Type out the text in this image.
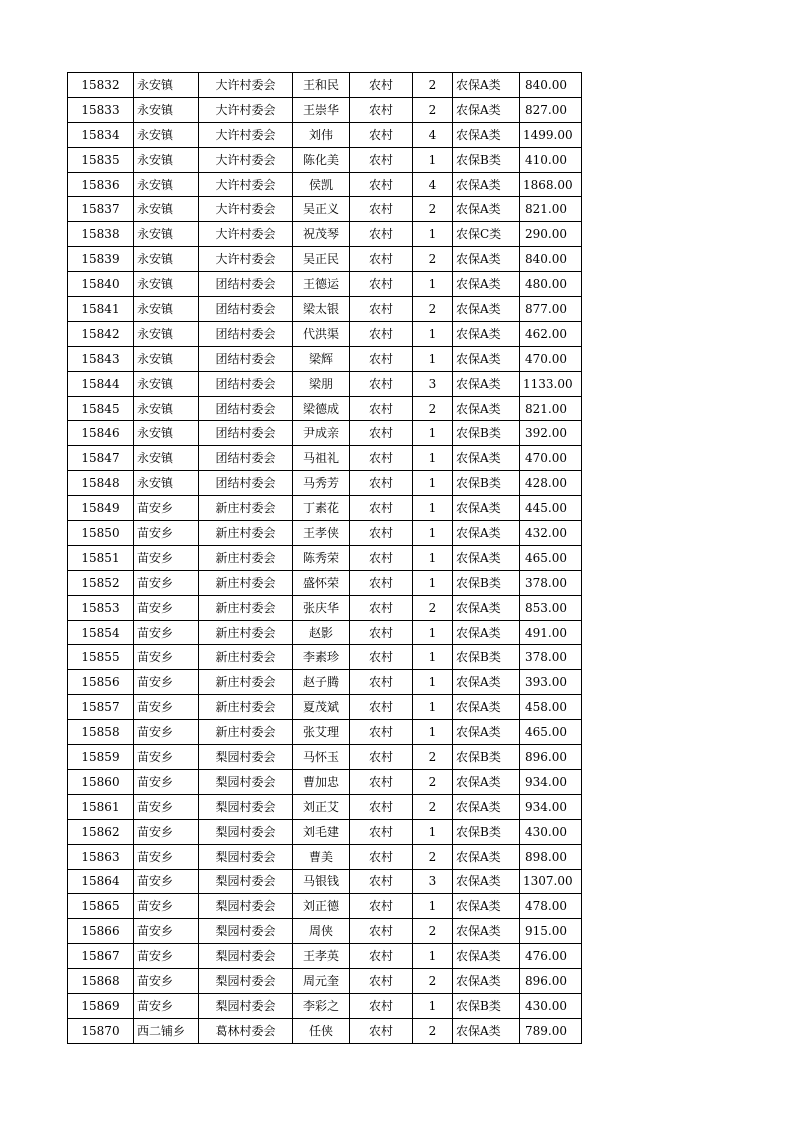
15832	永安镇	大许村委会	王和民	农村	2	农保A类	840.00
15833	永安镇	大许村委会	王崇华	农村	2	农保A类	827.00
15834	永安镇	大许村委会	刘伟	农村	4	农保A类	1499.00
15835	永安镇	大许村委会	陈化美	农村	1	农保B类	410.00
15836	永安镇	大许村委会	侯凯	农村	4	农保A类	1868.00
15837	永安镇	大许村委会	吴正义	农村	2	农保A类	821.00
15838	永安镇	大许村委会	祝茂琴	农村	1	农保C类	290.00
15839	永安镇	大许村委会	吴正民	农村	2	农保A类	840.00
15840	永安镇	团结村委会	王德运	农村	1	农保A类	480.00
15841	永安镇	团结村委会	梁太银	农村	2	农保A类	877.00
15842	永安镇	团结村委会	代洪渠	农村	1	农保A类	462.00
15843	永安镇	团结村委会	梁辉	农村	1	农保A类	470.00
15844	永安镇	团结村委会	梁朋	农村	3	农保A类	1133.00
15845	永安镇	团结村委会	梁德成	农村	2	农保A类	821.00
15846	永安镇	团结村委会	尹成亲	农村	1	农保B类	392.00
15847	永安镇	团结村委会	马祖礼	农村	1	农保A类	470.00
15848	永安镇	团结村委会	马秀芳	农村	1	农保B类	428.00
15849	苗安乡	新庄村委会	丁素花	农村	1	农保A类	445.00
15850	苗安乡	新庄村委会	王孝侠	农村	1	农保A类	432.00
15851	苗安乡	新庄村委会	陈秀荣	农村	1	农保A类	465.00
15852	苗安乡	新庄村委会	盛怀荣	农村	1	农保B类	378.00
15853	苗安乡	新庄村委会	张庆华	农村	2	农保A类	853.00
15854	苗安乡	新庄村委会	赵影	农村	1	农保A类	491.00
15855	苗安乡	新庄村委会	李素珍	农村	1	农保B类	378.00
15856	苗安乡	新庄村委会	赵子腾	农村	1	农保A类	393.00
15857	苗安乡	新庄村委会	夏茂斌	农村	1	农保A类	458.00
15858	苗安乡	新庄村委会	张艾理	农村	1	农保A类	465.00
15859	苗安乡	梨园村委会	马怀玉	农村	2	农保B类	896.00
15860	苗安乡	梨园村委会	曹加忠	农村	2	农保A类	934.00
15861	苗安乡	梨园村委会	刘正艾	农村	2	农保A类	934.00
15862	苗安乡	梨园村委会	刘毛建	农村	1	农保B类	430.00
15863	苗安乡	梨园村委会	曹美	农村	2	农保A类	898.00
15864	苗安乡	梨园村委会	马银钱	农村	3	农保A类	1307.00
15865	苗安乡	梨园村委会	刘正德	农村	1	农保A类	478.00
15866	苗安乡	梨园村委会	周侠	农村	2	农保A类	915.00
15867	苗安乡	梨园村委会	王孝英	农村	1	农保A类	476.00
15868	苗安乡	梨园村委会	周元奎	农村	2	农保A类	896.00
15869	苗安乡	梨园村委会	李彩之	农村	1	农保B类	430.00
15870	西二铺乡	葛林村委会	任侠	农村	2	农保A类	789.00
